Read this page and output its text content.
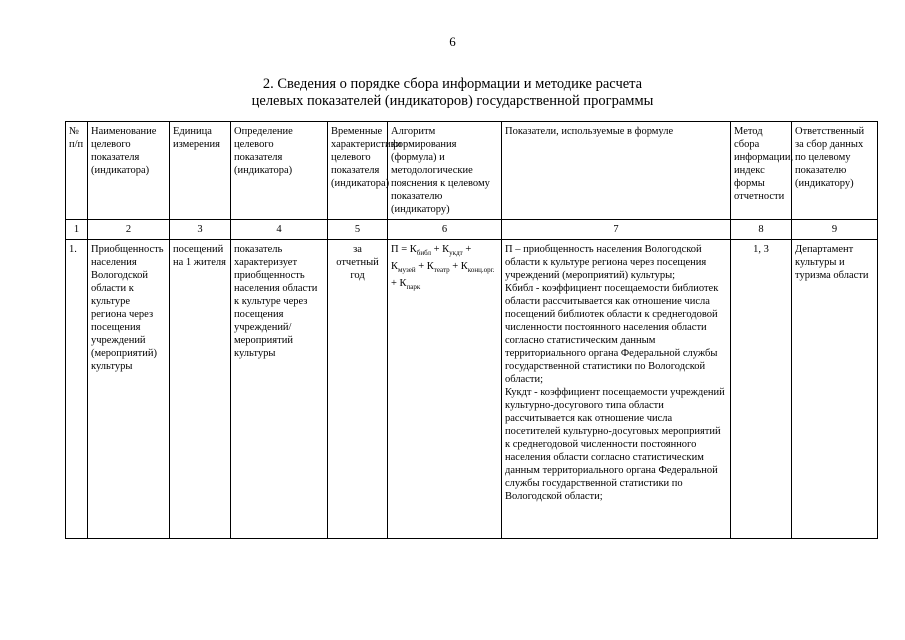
6
2. Сведения о порядке сбора информации и методике расчета
целевых показателей (индикаторов) государственной программы
№ п/п	Наименование целевого показателя (индикатора)	Единица измерения	Определение целевого показателя (индикатора)	Временные характеристики целевого показателя (индикатора)	Алгоритм формирования (формула) и методологические пояснения к целевому показателю (индикатору)	Показатели, используемые в формуле	Метод сбора информации, индекс формы отчетности	Ответственный за сбор данных по целевому показателю (индикатору)
1	2	3	4	5	6	7	8	9
1.	Приобщенность населения Вологодской области к культуре региона через посещения учреждений (мероприятий) культуры	посещений на 1 жителя	показатель характеризует приобщенность населения области к культуре через посещения учреждений/ мероприятий культуры	за отчетный год	$П = К_{библ} + К_{укдт} + К_{музей} + К_{театр} + К_{конц.орг.} + К_{парк}$	П – приобщенность населения Вологодской области к культуре региона через посещения учреждений (мероприятий) культуры;
Кбибл - коэффициент посещаемости библиотек области рассчитывается как отношение числа посещений библиотек области к среднегодовой численности постоянного населения области согласно статистическим данным территориального органа Федеральной службы государственной статистики по Вологодской области;
Кукдт - коэффициент посещаемости учреждений культурно-досугового типа области рассчитывается как отношение числа посетителей культурно-досуговых мероприятий к среднегодовой численности постоянного населения области согласно статистическим данным территориального органа Федеральной службы государственной статистики по Вологодской области;	1, 3	Департамент культуры и туризма области
